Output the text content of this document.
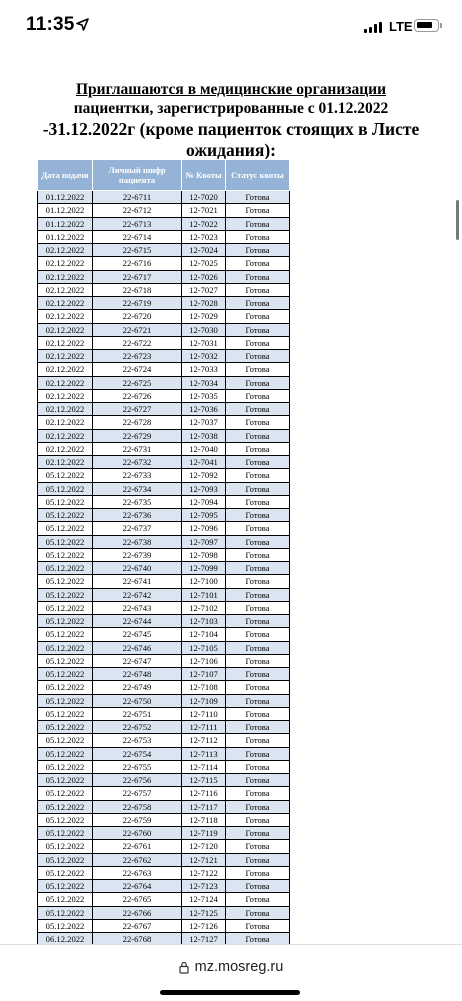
11:35	LTE
Приглашаются в медицинские организации
пациентки, зарегистрированные с 01.12.2022
-31.12.2022г (кроме пациенток стоящих в Листе ожидания):
Дата подачи	Личный шифр пациента	№ Квоты	Статус квоты
01.12.2022	22-6711	12-7020	Готова
01.12.2022	22-6712	12-7021	Готова
01.12.2022	22-6713	12-7022	Готова
01.12.2022	22-6714	12-7023	Готова
02.12.2022	22-6715	12-7024	Готова
02.12.2022	22-6716	12-7025	Готова
02.12.2022	22-6717	12-7026	Готова
02.12.2022	22-6718	12-7027	Готова
02.12.2022	22-6719	12-7028	Готова
02.12.2022	22-6720	12-7029	Готова
02.12.2022	22-6721	12-7030	Готова
02.12.2022	22-6722	12-7031	Готова
02.12.2022	22-6723	12-7032	Готова
02.12.2022	22-6724	12-7033	Готова
02.12.2022	22-6725	12-7034	Готова
02.12.2022	22-6726	12-7035	Готова
02.12.2022	22-6727	12-7036	Готова
02.12.2022	22-6728	12-7037	Готова
02.12.2022	22-6729	12-7038	Готова
02.12.2022	22-6731	12-7040	Готова
02.12.2022	22-6732	12-7041	Готова
05.12.2022	22-6733	12-7092	Готова
05.12.2022	22-6734	12-7093	Готова
05.12.2022	22-6735	12-7094	Готова
05.12.2022	22-6736	12-7095	Готова
05.12.2022	22-6737	12-7096	Готова
05.12.2022	22-6738	12-7097	Готова
05.12.2022	22-6739	12-7098	Готова
05.12.2022	22-6740	12-7099	Готова
05.12.2022	22-6741	12-7100	Готова
05.12.2022	22-6742	12-7101	Готова
05.12.2022	22-6743	12-7102	Готова
05.12.2022	22-6744	12-7103	Готова
05.12.2022	22-6745	12-7104	Готова
05.12.2022	22-6746	12-7105	Готова
05.12.2022	22-6747	12-7106	Готова
05.12.2022	22-6748	12-7107	Готова
05.12.2022	22-6749	12-7108	Готова
05.12.2022	22-6750	12-7109	Готова
05.12.2022	22-6751	12-7110	Готова
05.12.2022	22-6752	12-7111	Готова
05.12.2022	22-6753	12-7112	Готова
05.12.2022	22-6754	12-7113	Готова
05.12.2022	22-6755	12-7114	Готова
05.12.2022	22-6756	12-7115	Готова
05.12.2022	22-6757	12-7116	Готова
05.12.2022	22-6758	12-7117	Готова
05.12.2022	22-6759	12-7118	Готова
05.12.2022	22-6760	12-7119	Готова
05.12.2022	22-6761	12-7120	Готова
05.12.2022	22-6762	12-7121	Готова
05.12.2022	22-6763	12-7122	Готова
05.12.2022	22-6764	12-7123	Готова
05.12.2022	22-6765	12-7124	Готова
05.12.2022	22-6766	12-7125	Готова
05.12.2022	22-6767	12-7126	Готова
06.12.2022	22-6768	12-7127	Готова
mz.mosreg.ru
